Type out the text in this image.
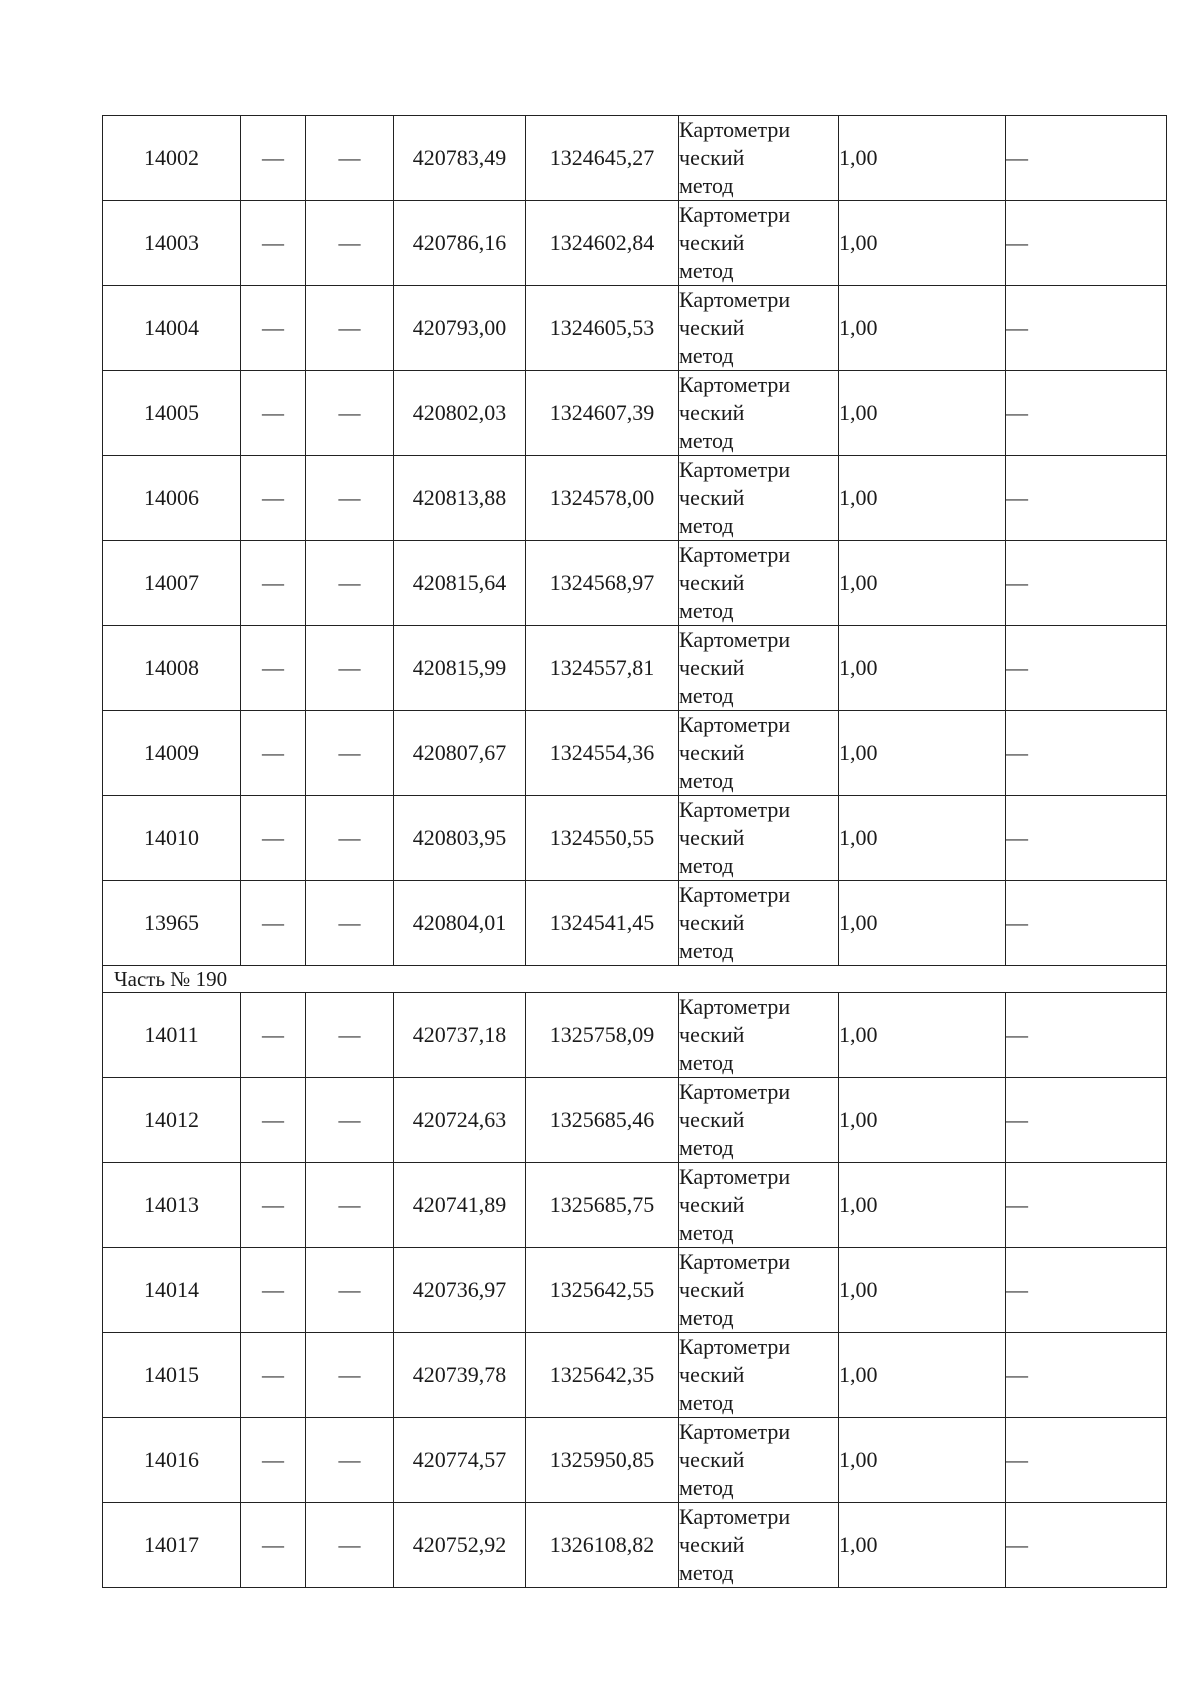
14002	—	—	420783,49	1324645,27	Картометри
ческий
метод	1,00	—
14003	—	—	420786,16	1324602,84	Картометри
ческий
метод	1,00	—
14004	—	—	420793,00	1324605,53	Картометри
ческий
метод	1,00	—
14005	—	—	420802,03	1324607,39	Картометри
ческий
метод	1,00	—
14006	—	—	420813,88	1324578,00	Картометри
ческий
метод	1,00	—
14007	—	—	420815,64	1324568,97	Картометри
ческий
метод	1,00	—
14008	—	—	420815,99	1324557,81	Картометри
ческий
метод	1,00	—
14009	—	—	420807,67	1324554,36	Картометри
ческий
метод	1,00	—
14010	—	—	420803,95	1324550,55	Картометри
ческий
метод	1,00	—
13965	—	—	420804,01	1324541,45	Картометри
ческий
метод	1,00	—
Часть № 190							
14011	—	—	420737,18	1325758,09	Картометри
ческий
метод	1,00	—
14012	—	—	420724,63	1325685,46	Картометри
ческий
метод	1,00	—
14013	—	—	420741,89	1325685,75	Картометри
ческий
метод	1,00	—
14014	—	—	420736,97	1325642,55	Картометри
ческий
метод	1,00	—
14015	—	—	420739,78	1325642,35	Картометри
ческий
метод	1,00	—
14016	—	—	420774,57	1325950,85	Картометри
ческий
метод	1,00	—
14017	—	—	420752,92	1326108,82	Картометри
ческий
метод	1,00	—
